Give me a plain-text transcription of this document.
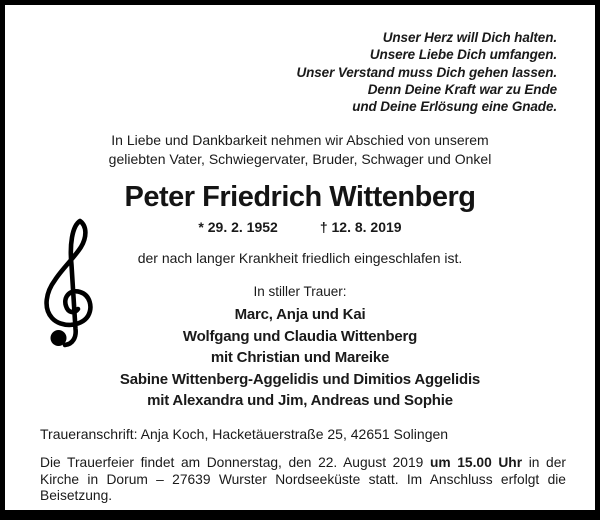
Unser Herz will Dich halten.
Unsere Liebe Dich umfangen.
Unser Verstand muss Dich gehen lassen.
Denn Deine Kraft war zu Ende
und Deine Erlösung eine Gnade.
In Liebe und Dankbarkeit nehmen wir Abschied von unserem
geliebten Vater, Schwiegervater, Bruder, Schwager und Onkel
Peter Friedrich Wittenberg
* 29. 2. 1952	† 12. 8. 2019
der nach langer Krankheit friedlich eingeschlafen ist.
In stiller Trauer:
Marc, Anja und Kai
Wolfgang und Claudia Wittenberg
mit Christian und Mareike
Sabine Wittenberg-Aggelidis und Dimitios Aggelidis
mit Alexandra und Jim, Andreas und Sophie
Traueranschrift: Anja Koch, Hacketäuerstraße 25, 42651 Solingen

Die Trauerfeier findet am Donnerstag, den 22. August 2019 um 15.00 Uhr in der Kirche in Dorum – 27639 Wurster Nordseeküste statt. Im Anschluss erfolgt die Beisetzung.
